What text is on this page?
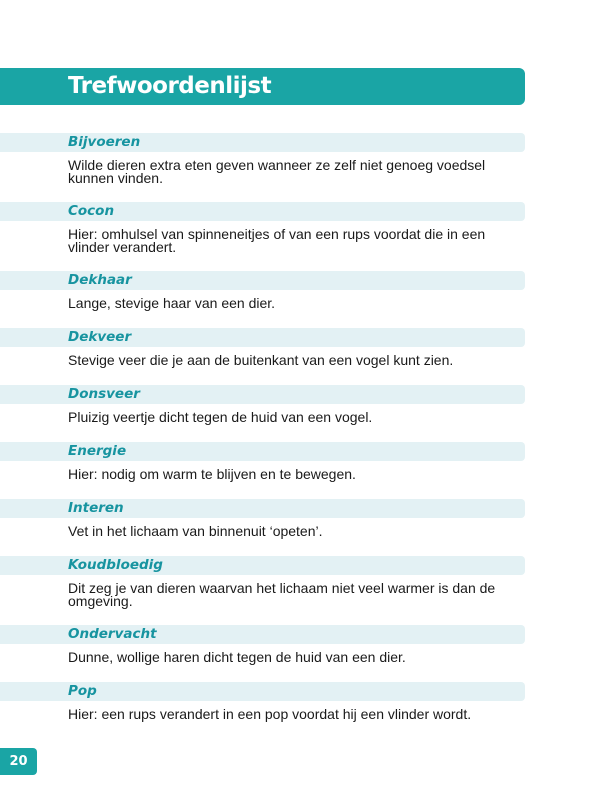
Trefwoordenlijst
Bijvoeren
Wilde dieren extra eten geven wanneer ze zelf niet genoeg voedsel kunnen vinden.
Cocon
Hier: omhulsel van spinneneitjes of van een rups voordat die in een vlinder verandert.
Dekhaar
Lange, stevige haar van een dier.
Dekveer
Stevige veer die je aan de buitenkant van een vogel kunt zien.
Donsveer
Pluizig veertje dicht tegen de huid van een vogel.
Energie
Hier: nodig om warm te blijven en te bewegen.
Interen
Vet in het lichaam van binnenuit ‘opeten’.
Koudbloedig
Dit zeg je van dieren waarvan het lichaam niet veel warmer is dan de omgeving.
Ondervacht
Dunne, wollige haren dicht tegen de huid van een dier.
Pop
Hier: een rups verandert in een pop voordat hij een vlinder wordt.
20
